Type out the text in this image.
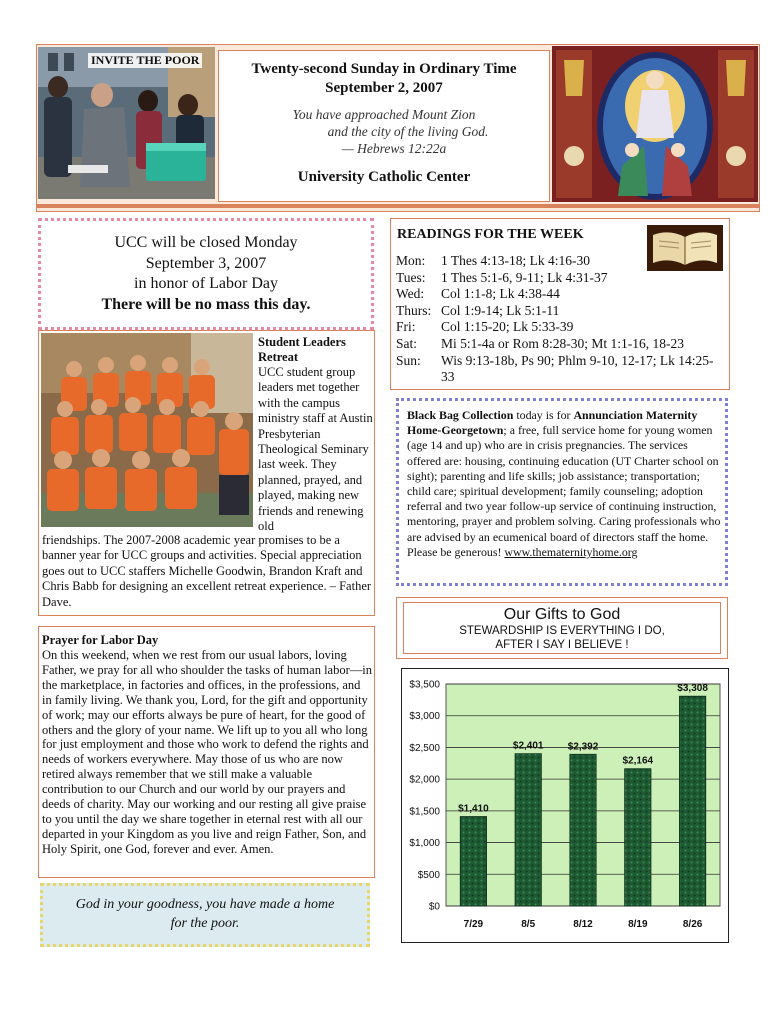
INVITE THE POOR
Twenty-second Sunday in Ordinary Time
September 2, 2007
You have approached Mount Zion
and the city of the living God.
— Hebrews 12:22a
University Catholic Center
UCC will be closed Monday
September 3, 2007
in honor of Labor Day
There will be no mass this day.
READINGS FOR THE WEEK
Mon:	1 Thes 4:13-18; Lk 4:16-30
Tues:	1 Thes 5:1-6, 9-11; Lk 4:31-37
Wed:	Col 1:1-8; Lk 4:38-44
Thurs: Col 1:9-14; Lk 5:1-11
Fri:	Col 1:15-20; Lk 5:33-39
Sat:	Mi 5:1-4a or Rom 8:28-30; Mt 1:1-16, 18-23
Sun:	Wis 9:13-18b, Ps 90; Phlm 9-10, 12-17; Lk 14:25-33
Student Leaders Retreat
UCC student group leaders met together with the campus ministry staff at Austin Presbyterian Theological Seminary last week. They planned, prayed, and played, making new friends and renewing old
friendships. The 2007-2008 academic year promises to be a banner year for UCC groups and activities. Special appreciation goes out to UCC staffers Michelle Goodwin, Brandon Kraft and Chris Babb for designing an excellent retreat experience. – Father Dave.
Black Bag Collection today is for Annunciation Maternity Home-Georgetown; a free, full service home for young women (age 14 and up) who are in crisis pregnancies. The services offered are: housing, continuing education (UT Charter school on sight); parenting and life skills; job assistance; transportation; child care; spiritual development; family counseling; adoption referral and two year follow-up service of continuing instruction, mentoring, prayer and problem solving. Caring professionals who are advised by an ecumenical board of directors staff the home. Please be generous! www.thematernityhome.org
Our Gifts to God
STEWARDSHIP IS EVERYTHING I DO,
AFTER I SAY I BELIEVE !
$0
$500
$1,000
$1,500
$2,000
$2,500
$3,000
$3,500
$1,410
7/29
$2,401
8/5
$2,392
8/12
$2,164
8/19
$3,308
8/26
Prayer for Labor Day
On this weekend, when we rest from our usual labors, loving Father, we pray for all who shoulder the tasks of human labor—in the marketplace, in factories and offices, in the professions, and in family living. We thank you, Lord, for the gift and opportunity of work; may our efforts always be pure of heart, for the good of others and the glory of your name. We lift up to you all who long for just employment and those who work to defend the rights and needs of workers everywhere. May those of us who are now retired always remember that we still make a valuable contribution to our Church and our world by our prayers and deeds of charity. May our working and our resting all give praise to you until the day we share together in eternal rest with all our departed in your Kingdom as you live and reign Father, Son, and Holy Spirit, one God, forever and ever. Amen.
God in your goodness, you have made a home
for the poor.
